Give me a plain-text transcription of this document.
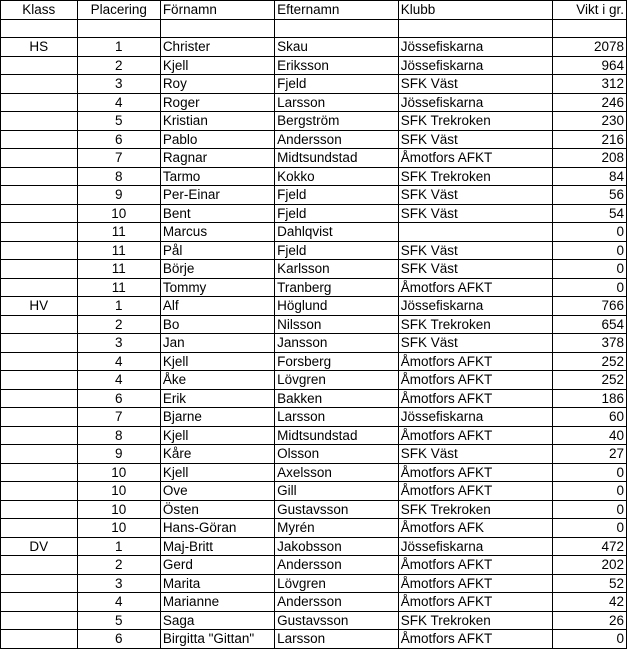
Klass	Placering	Förnamn	Efternamn	Klubb	Vikt i gr.

HS	1	Christer	Skau	Jössefiskarna	2078
	2	Kjell	Eriksson	Jössefiskarna	964
	3	Roy	Fjeld	SFK Väst	312
	4	Roger	Larsson	Jössefiskarna	246
	5	Kristian	Bergström	SFK Trekroken	230
	6	Pablo	Andersson	SFK Väst	216
	7	Ragnar	Midtsundstad	Åmotfors AFKT	208
	8	Tarmo	Kokko	SFK Trekroken	84
	9	Per-Einar	Fjeld	SFK Väst	56
	10	Bent	Fjeld	SFK Väst	54
	11	Marcus	Dahlqvist		0
	11	Pål	Fjeld	SFK Väst	0
	11	Börje	Karlsson	SFK Väst	0
	11	Tommy	Tranberg	Åmotfors AFKT	0
HV	1	Alf	Höglund	Jössefiskarna	766
	2	Bo	Nilsson	SFK Trekroken	654
	3	Jan	Jansson	SFK Väst	378
	4	Kjell	Forsberg	Åmotfors AFKT	252
	4	Åke	Lövgren	Åmotfors AFKT	252
	6	Erik	Bakken	Åmotfors AFKT	186
	7	Bjarne	Larsson	Jössefiskarna	60
	8	Kjell	Midtsundstad	Åmotfors AFKT	40
	9	Kåre	Olsson	SFK Väst	27
	10	Kjell	Axelsson	Åmotfors AFKT	0
	10	Ove	Gill	Åmotfors AFKT	0
	10	Östen	Gustavsson	SFK Trekroken	0
	10	Hans-Göran	Myrén	Åmotfors AFK	0
DV	1	Maj-Britt	Jakobsson	Jössefiskarna	472
	2	Gerd	Andersson	Åmotfors AFKT	202
	3	Marita	Lövgren	Åmotfors AFKT	52
	4	Marianne	Andersson	Åmotfors AFKT	42
	5	Saga	Gustavsson	SFK Trekroken	26
	6	Birgitta "Gittan"	Larsson	Åmotfors AFKT	0
